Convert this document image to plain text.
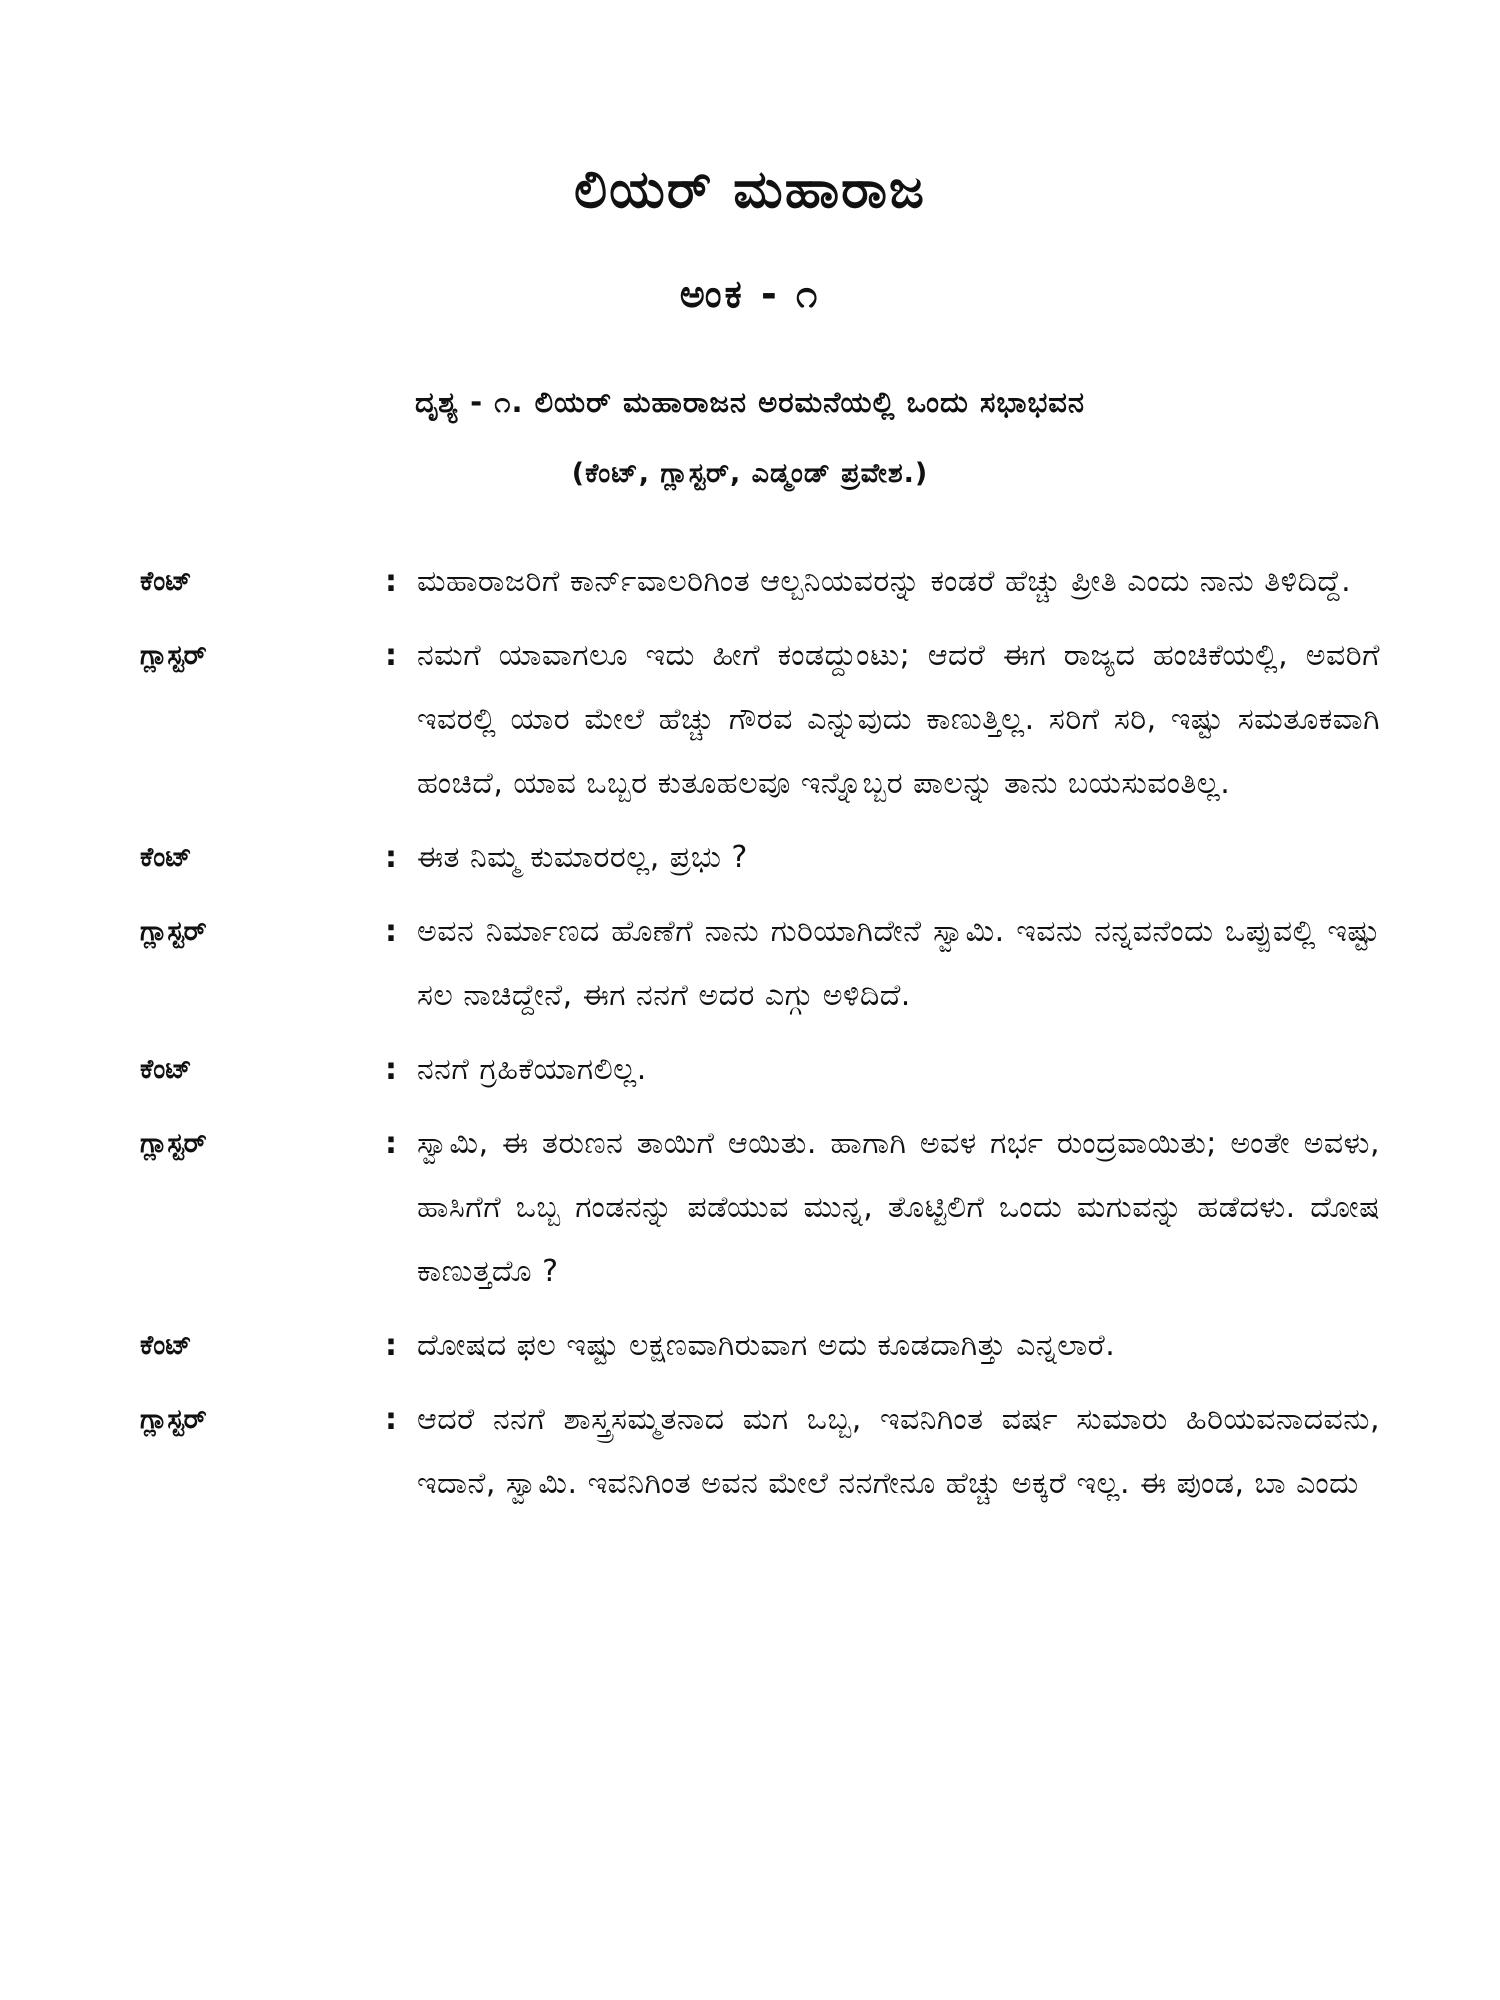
ಲಿಯರ್ ಮಹಾರಾಜ
ಅಂಕ - ೧
ದೃಶ್ಯ - ೧. ಲಿಯರ್ ಮಹಾರಾಜನ ಅರಮನೆಯಲ್ಲಿ ಒಂದು ಸಭಾಭವನ
(ಕೆಂಟ್, ಗ್ಲಾಸ್ಟರ್, ಎಡ್ಮಂಡ್ ಪ್ರವೇಶ.)
ಕೆಂಟ್	: ಮಹಾರಾಜರಿಗೆ ಕಾರ್ನ್‌ವಾಲರಿಗಿಂತ ಆಲ್ಬನಿಯವರನ್ನು ಕಂಡರೆ ಹೆಚ್ಚು ಪ್ರೀತಿ ಎಂದು ನಾನು ತಿಳಿದಿದ್ದೆ.
ಗ್ಲಾಸ್ಟರ್	: ನಮಗೆ ಯಾವಾಗಲೂ ಇದು ಹೀಗೆ ಕಂಡದ್ದುಂಟು; ಆದರೆ ಈಗ ರಾಜ್ಯದ ಹಂಚಿಕೆಯಲ್ಲಿ, ಅವರಿಗೆ ಇವರಲ್ಲಿ ಯಾರ ಮೇಲೆ ಹೆಚ್ಚು ಗೌರವ ಎನ್ನುವುದು ಕಾಣುತ್ತಿಲ್ಲ. ಸರಿಗೆ ಸರಿ, ಇಷ್ಟು ಸಮತೂಕವಾಗಿ ಹಂಚಿದೆ, ಯಾವ ಒಬ್ಬರ ಕುತೂಹಲವೂ ಇನ್ನೊಬ್ಬರ ಪಾಲನ್ನು ತಾನು ಬಯಸುವಂತಿಲ್ಲ.
ಕೆಂಟ್	: ಈತ ನಿಮ್ಮ ಕುಮಾರರಲ್ಲ, ಪ್ರಭು ?
ಗ್ಲಾಸ್ಟರ್	: ಅವನ ನಿರ್ಮಾಣದ ಹೊಣೆಗೆ ನಾನು ಗುರಿಯಾಗಿದೇನೆ ಸ್ವಾಮಿ. ಇವನು ನನ್ನವನೆಂದು ಒಪ್ಪುವಲ್ಲಿ ಇಷ್ಟು ಸಲ ನಾಚಿದ್ದೇನೆ, ಈಗ ನನಗೆ ಅದರ ಎಗ್ಗು ಅಳಿದಿದೆ.
ಕೆಂಟ್	: ನನಗೆ ಗ್ರಹಿಕೆಯಾಗಲಿಲ್ಲ.
ಗ್ಲಾಸ್ಟರ್	: ಸ್ವಾಮಿ, ಈ ತರುಣನ ತಾಯಿಗೆ ಆಯಿತು. ಹಾಗಾಗಿ ಅವಳ ಗರ್ಭ ರುಂದ್ರವಾಯಿತು; ಅಂತೇ ಅವಳು, ಹಾಸಿಗೆಗೆ ಒಬ್ಬ ಗಂಡನನ್ನು ಪಡೆಯುವ ಮುನ್ನ, ತೊಟ್ಟಿಲಿಗೆ ಒಂದು ಮಗುವನ್ನು ಹಡೆದಳು. ದೋಷ ಕಾಣುತ್ತದೊ ?
ಕೆಂಟ್	: ದೋಷದ ಫಲ ಇಷ್ಟು ಲಕ್ಷಣವಾಗಿರುವಾಗ ಅದು ಕೂಡದಾಗಿತ್ತು ಎನ್ನಲಾರೆ.
ಗ್ಲಾಸ್ಟರ್	: ಆದರೆ ನನಗೆ ಶಾಸ್ತ್ರಸಮ್ಮತನಾದ ಮಗ ಒಬ್ಬ, ಇವನಿಗಿಂತ ವರ್ಷ ಸುಮಾರು ಹಿರಿಯವನಾದವನು, ಇದಾನೆ, ಸ್ವಾಮಿ. ಇವನಿಗಿಂತ ಅವನ ಮೇಲೆ ನನಗೇನೂ ಹೆಚ್ಚು ಅಕ್ಕರೆ ಇಲ್ಲ. ಈ ಪುಂಡ, ಬಾ ಎಂದು
